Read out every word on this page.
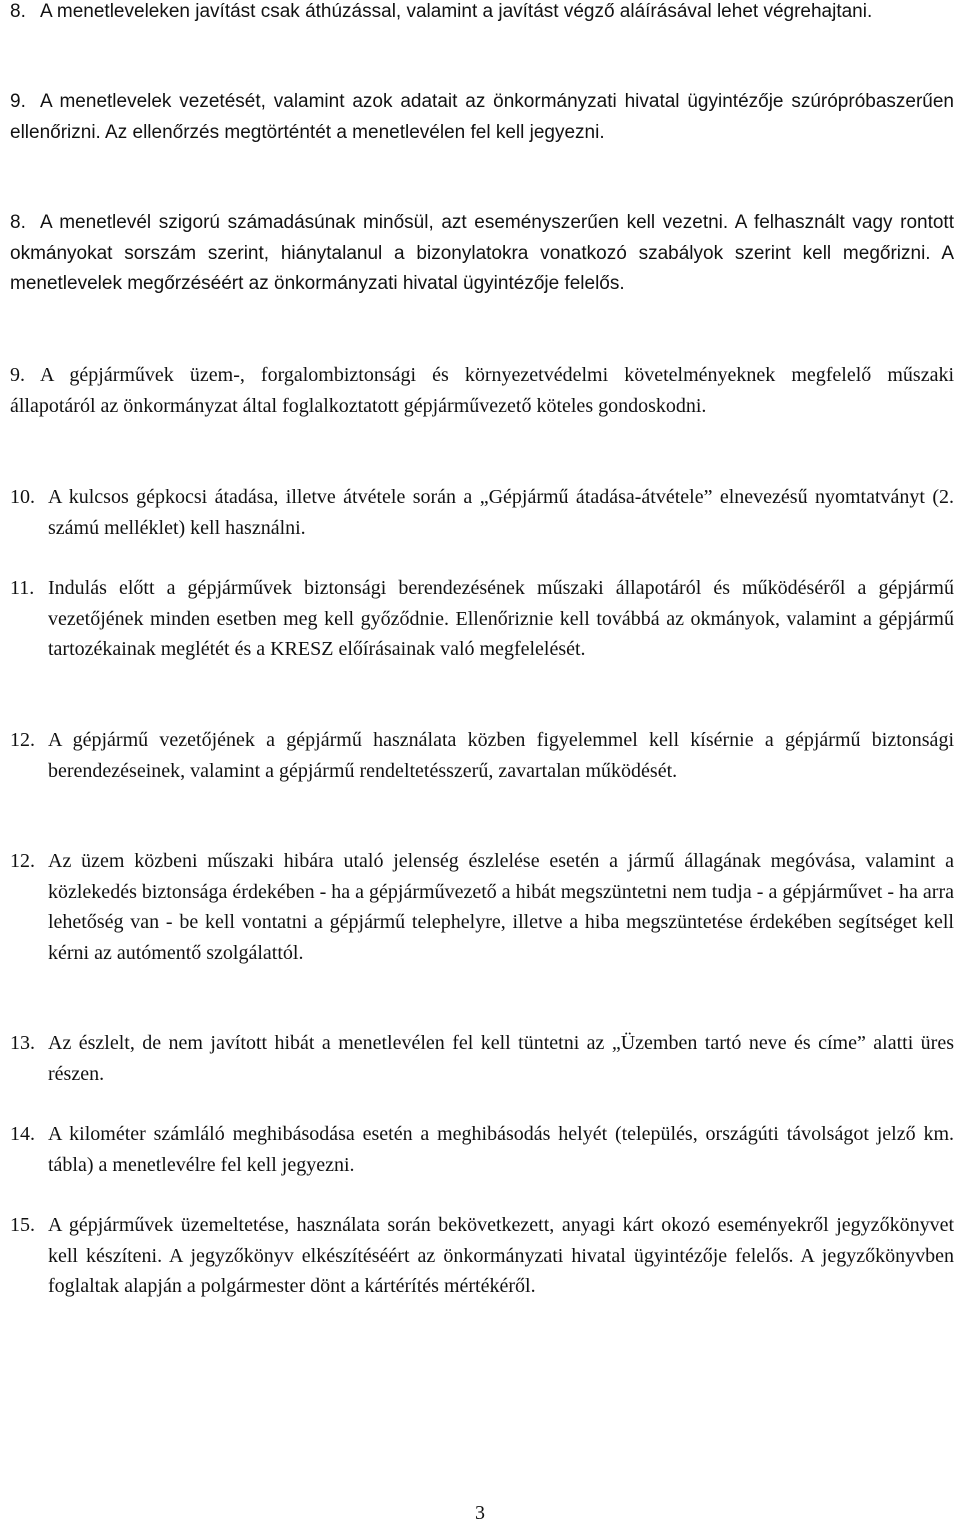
8. A menetleveleken javítást csak áthúzással, valamint a javítást végző aláírásával lehet végrehajtani.
9. A menetlevelek vezetését, valamint azok adatait az önkormányzati hivatal ügyintézője szúrópróbaszerűen ellenőrizni. Az ellenőrzés megtörténtét a menetlevélen fel kell jegyezni.
8. A menetlevél szigorú számadásúnak minősül, azt eseményszerűen kell vezetni. A felhasznált vagy rontott okmányokat sorszám szerint, hiánytalanul a bizonylatokra vonatkozó szabályok szerint kell megőrizni. A menetlevelek megőrzéséért az önkormányzati hivatal ügyintézője felelős.
9. A gépjárművek üzem-, forgalombiztonsági és környezetvédelmi követelményeknek megfelelő műszaki állapotáról az önkormányzat által foglalkoztatott gépjárművezető köteles gondoskodni.
10. A kulcsos gépkocsi átadása, illetve átvétele során a „Gépjármű átadása-átvétele” elnevezésű nyomtatványt (2. számú melléklet) kell használni.
11. Indulás előtt a gépjárművek biztonsági berendezésének műszaki állapotáról és működéséről a gépjármű vezetőjének minden esetben meg kell győződnie. Ellenőriznie kell továbbá az okmányok, valamint a gépjármű tartozékainak meglétét és a KRESZ előírásainak való megfelelését.
12. A gépjármű vezetőjének a gépjármű használata közben figyelemmel kell kísérnie a gépjármű biztonsági berendezéseinek, valamint a gépjármű rendeltetésszerű, zavartalan működését.
12. Az üzem közbeni műszaki hibára utaló jelenség észlelése esetén a jármű állagának megóvása, valamint a közlekedés biztonsága érdekében - ha a gépjárművezető a hibát megszüntetni nem tudja - a gépjárművet - ha arra lehetőség van - be kell vontatni a gépjármű telephelyre, illetve a hiba megszüntetése érdekében segítséget kell kérni az autómentő szolgálattól.
13. Az észlelt, de nem javított hibát a menetlevélen fel kell tüntetni az „Üzemben tartó neve és címe” alatti üres részen.
14. A kilométer számláló meghibásodása esetén a meghibásodás helyét (település, országúti távolságot jelző km. tábla) a menetlevélre fel kell jegyezni.
15. A gépjárművek üzemeltetése, használata során bekövetkezett, anyagi kárt okozó eseményekről jegyzőkönyvet kell készíteni. A jegyzőkönyv elkészítéséért az önkormányzati hivatal ügyintézője felelős. A jegyzőkönyvben foglaltak alapján a polgármester dönt a kártérítés mértékéről.
3
